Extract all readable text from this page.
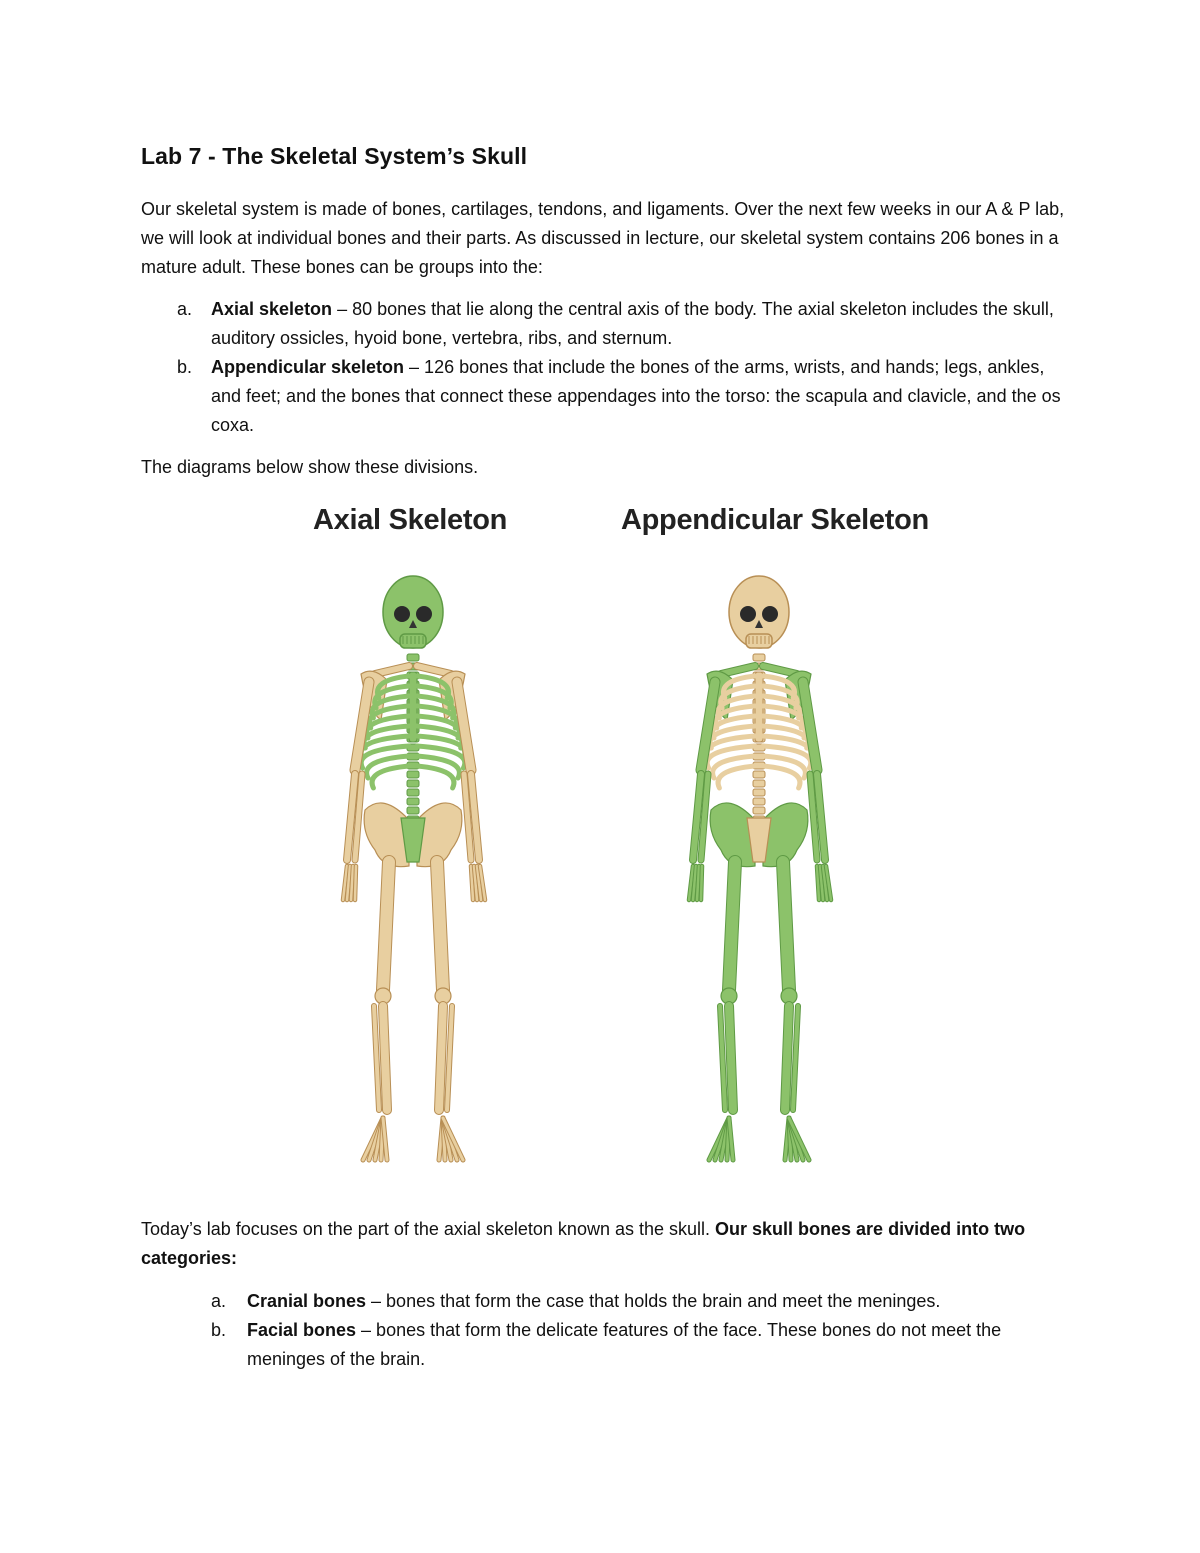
Lab 7 - The Skeletal System’s Skull

Our skeletal system is made of bones, cartilages, tendons, and ligaments. Over the next few weeks in our A & P lab, we will look at individual bones and their parts. As discussed in lecture, our skeletal system contains 206 bones in a mature adult. These bones can be groups into the:

a. Axial skeleton – 80 bones that lie along the central axis of the body. The axial skeleton includes the skull, auditory ossicles, hyoid bone, vertebra, ribs, and sternum.
b. Appendicular skeleton – 126 bones that include the bones of the arms, wrists, and hands; legs, ankles, and feet; and the bones that connect these appendages into the torso: the scapula and clavicle, and the os coxa.

The diagrams below show these divisions.

Axial Skeleton	Appendicular Skeleton

Today’s lab focuses on the part of the axial skeleton known as the skull. Our skull bones are divided into two categories:

a. Cranial bones – bones that form the case that holds the brain and meet the meninges.
b. Facial bones – bones that form the delicate features of the face. These bones do not meet the meninges of the brain.
